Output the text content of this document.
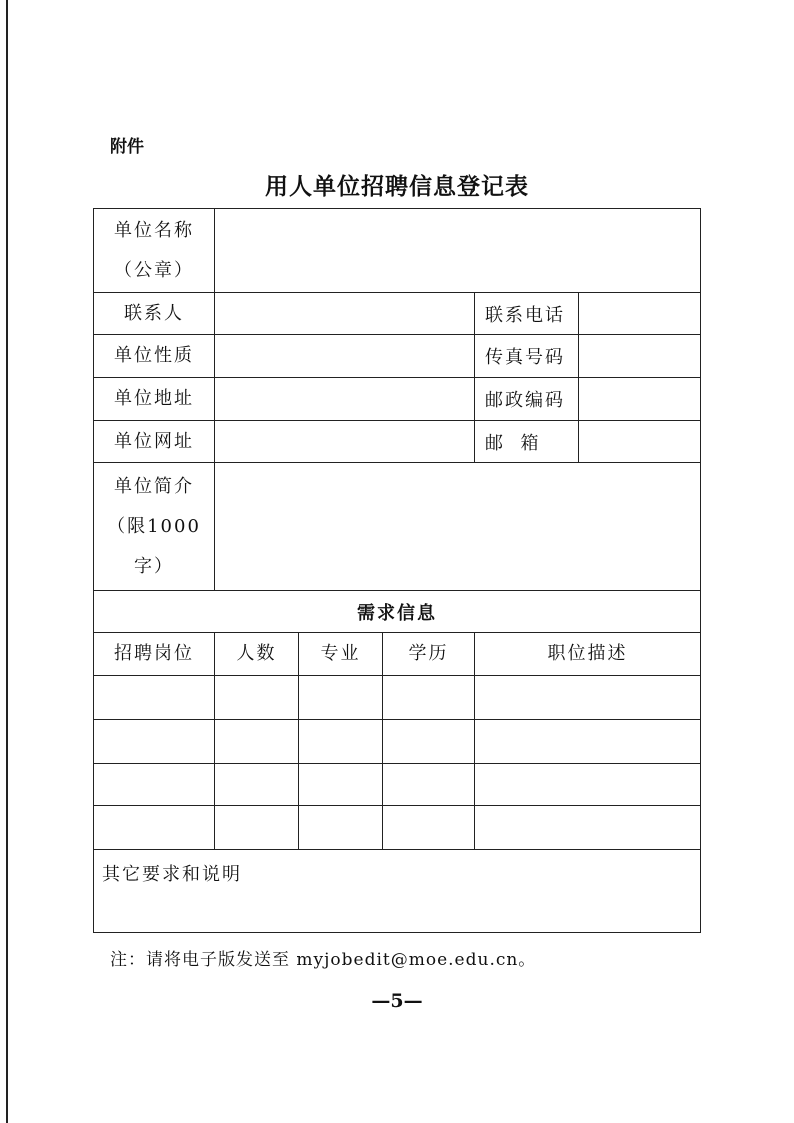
附件
用人单位招聘信息登记表
单位名称
（公章）					

联系人				联系电话	
单位性质				传真号码	
单位地址				邮政编码	
单位网址				邮  箱	

单位简介
（限1000
字）					

需求信息					
招聘岗位	人数	专业	学历	职位描述	

其它要求和说明					
注：请将电子版发送至 myjobedit@moe.edu.cn。
—5—
